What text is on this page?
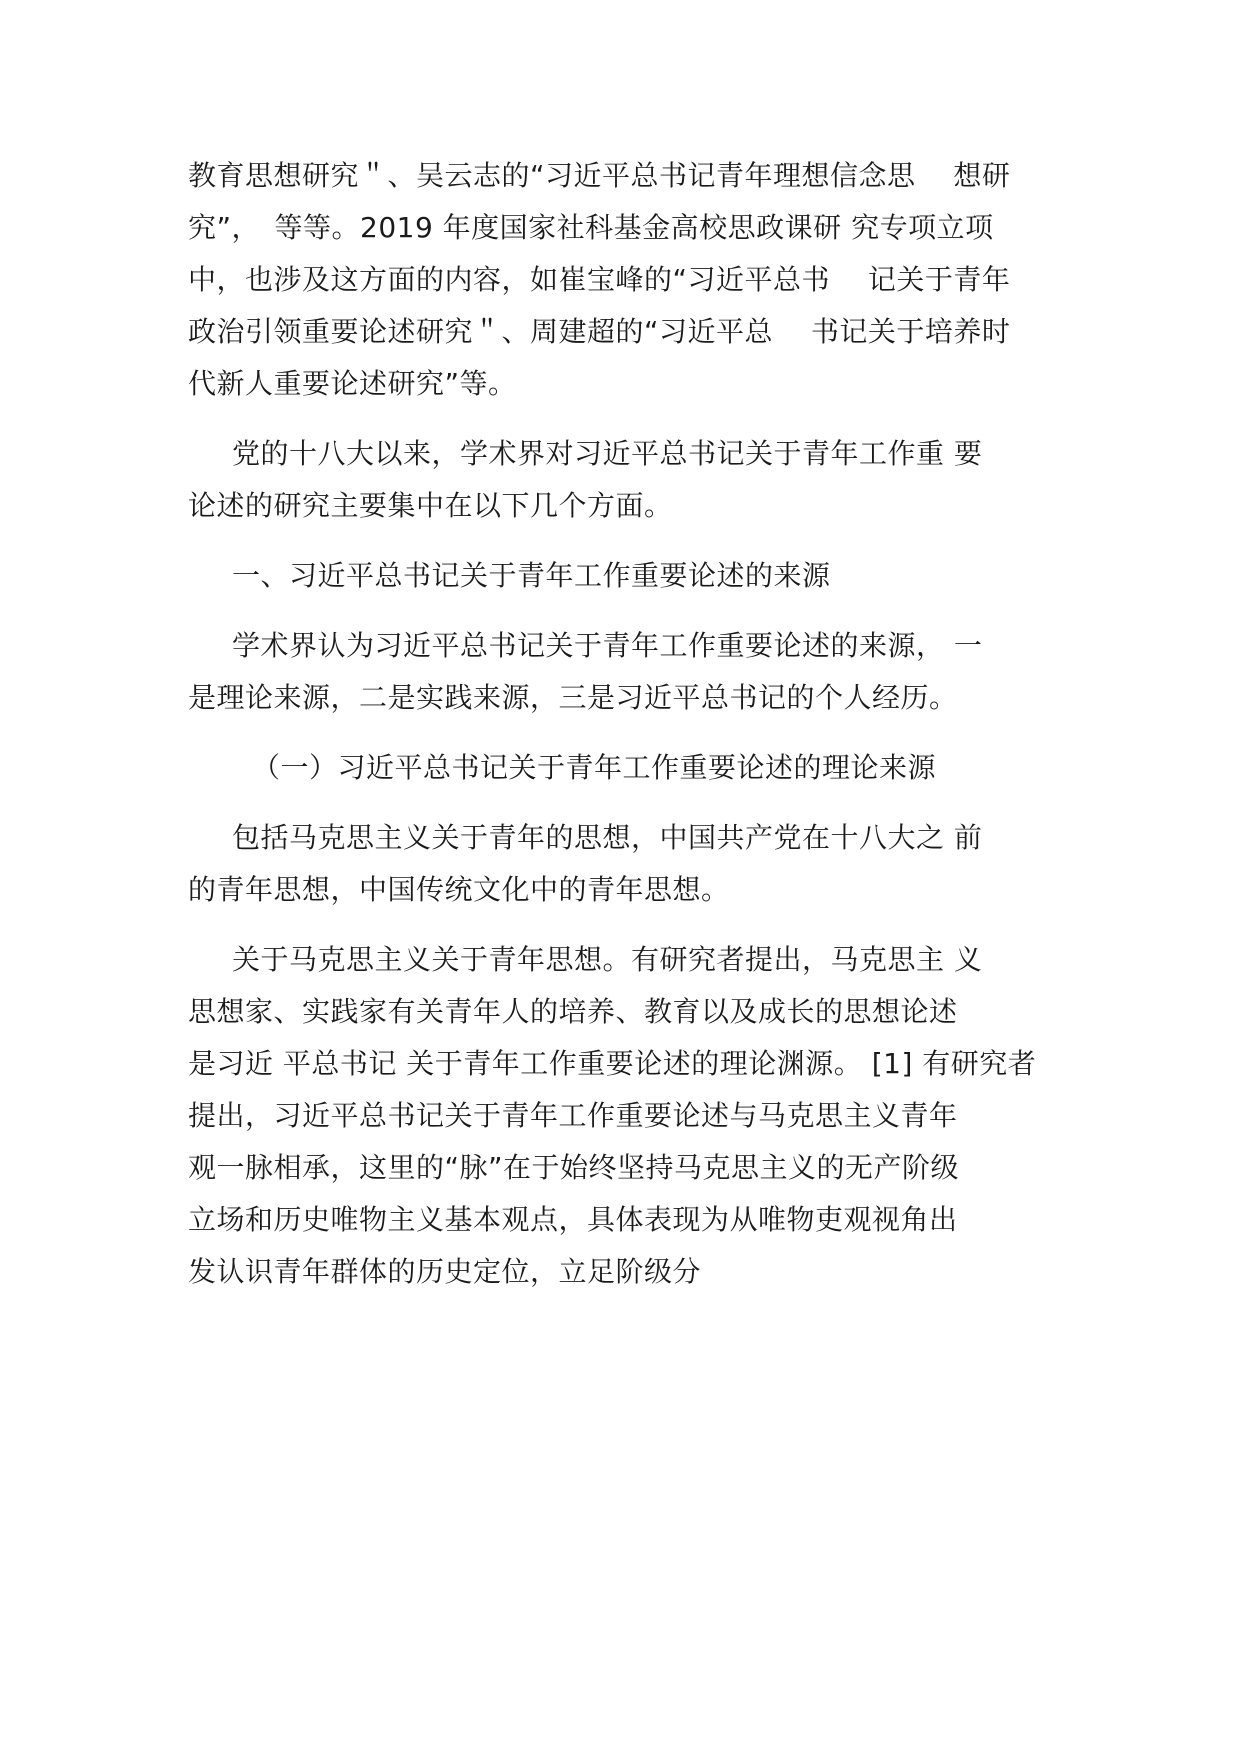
教育思想研究＂、吴云志的“习近平总书记青年理想信念思　 想研
究”，　等等。2019 年度国家社科基金高校思政课研 究专项立项
中，也涉及这方面的内容，如崔宝峰的“习近平总书　 记关于青年
政治引领重要论述研究＂、周建超的“习近平总　 书记关于培养时
代新人重要论述研究”等。
党的十八大以来，学术界对习近平总书记关于青年工作重 要
论述的研究主要集中在以下几个方面。
一、习近平总书记关于青年工作重要论述的来源
学术界认为习近平总书记关于青年工作重要论述的来源， 一
是理论来源，二是实践来源，三是习近平总书记的个人经历。
（一）习近平总书记关于青年工作重要论述的理论来源
包括马克思主义关于青年的思想，中国共产党在十八大之 前
的青年思想，中国传统文化中的青年思想。
关于马克思主义关于青年思想。有研究者提出，马克思主 义
思想家、实践家有关青年人的培养、教育以及成长的思想论述
是习近 平总书记 关于青年工作重要论述的理论渊源。 [1] 有研究者
提出，习近平总书记关于青年工作重要论述与马克思主义青年
观一脉相承，这里的“脉”在于始终坚持马克思主义的无产阶级
立场和历史唯物主义基本观点，具体表现为从唯物吏观视角出
发认识青年群体的历史定位，立足阶级分
